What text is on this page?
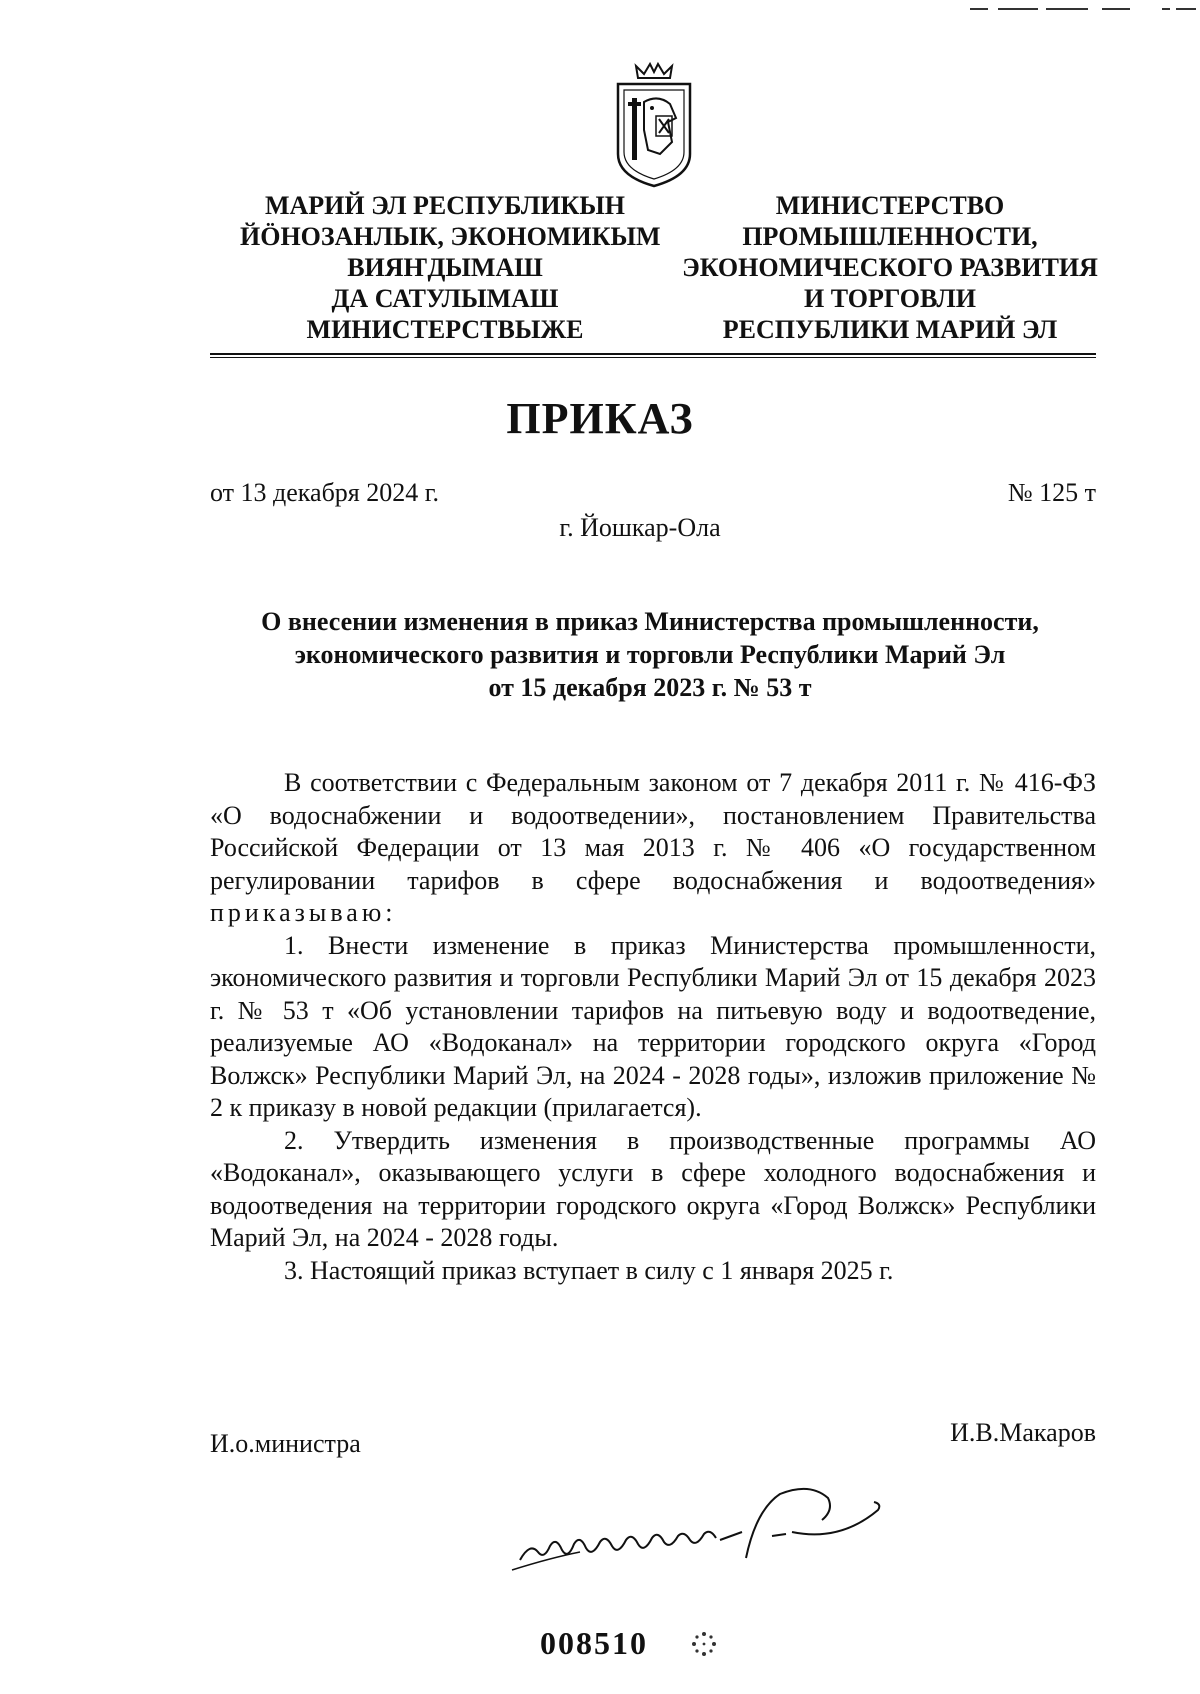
МАРИЙ ЭЛ РЕСПУБЛИКЫН
ЙӦНОЗАНЛЫК, ЭКОНОМИКЫМ
ВИЯҤДЫМАШ
ДА САТУЛЫМАШ
МИНИСТЕРСТВЫЖЕ
МИНИСТЕРСТВО
ПРОМЫШЛЕННОСТИ,
ЭКОНОМИЧЕСКОГО РАЗВИТИЯ
И ТОРГОВЛИ
РЕСПУБЛИКИ МАРИЙ ЭЛ
ПРИКАЗ
от 13 декабря 2024 г.	№ 125 т
г. Йошкар-Ола
О внесении изменения в приказ Министерства промышленности,
экономического развития и торговли Республики Марий Эл
от 15 декабря 2023 г. № 53 т

В соответствии с Федеральным законом от 7 декабря 2011 г. № 416-ФЗ «О водоснабжении и водоотведении», постановлением Правительства Российской Федерации от 13 мая 2013 г. № 406 «О государственном регулировании тарифов в сфере водоснабжения и водоотведения» приказываю:

1. Внести изменение в приказ Министерства промышленности, экономического развития и торговли Республики Марий Эл от 15 декабря 2023 г. № 53 т «Об установлении тарифов на питьевую воду и водоотведение, реализуемые АО «Водоканал» на территории городского округа «Город Волжск» Республики Марий Эл, на 2024 - 2028 годы», изложив приложение № 2 к приказу в новой редакции (прилагается).

2. Утвердить изменения в производственные программы АО «Водоканал», оказывающего услуги в сфере холодного водоснабжения и водоотведения на территории городского округа «Город Волжск» Республики Марий Эл, на 2024 - 2028 годы.

3. Настоящий приказ вступает в силу с 1 января 2025 г.

И.о.министра	И.В.Макаров
008510
